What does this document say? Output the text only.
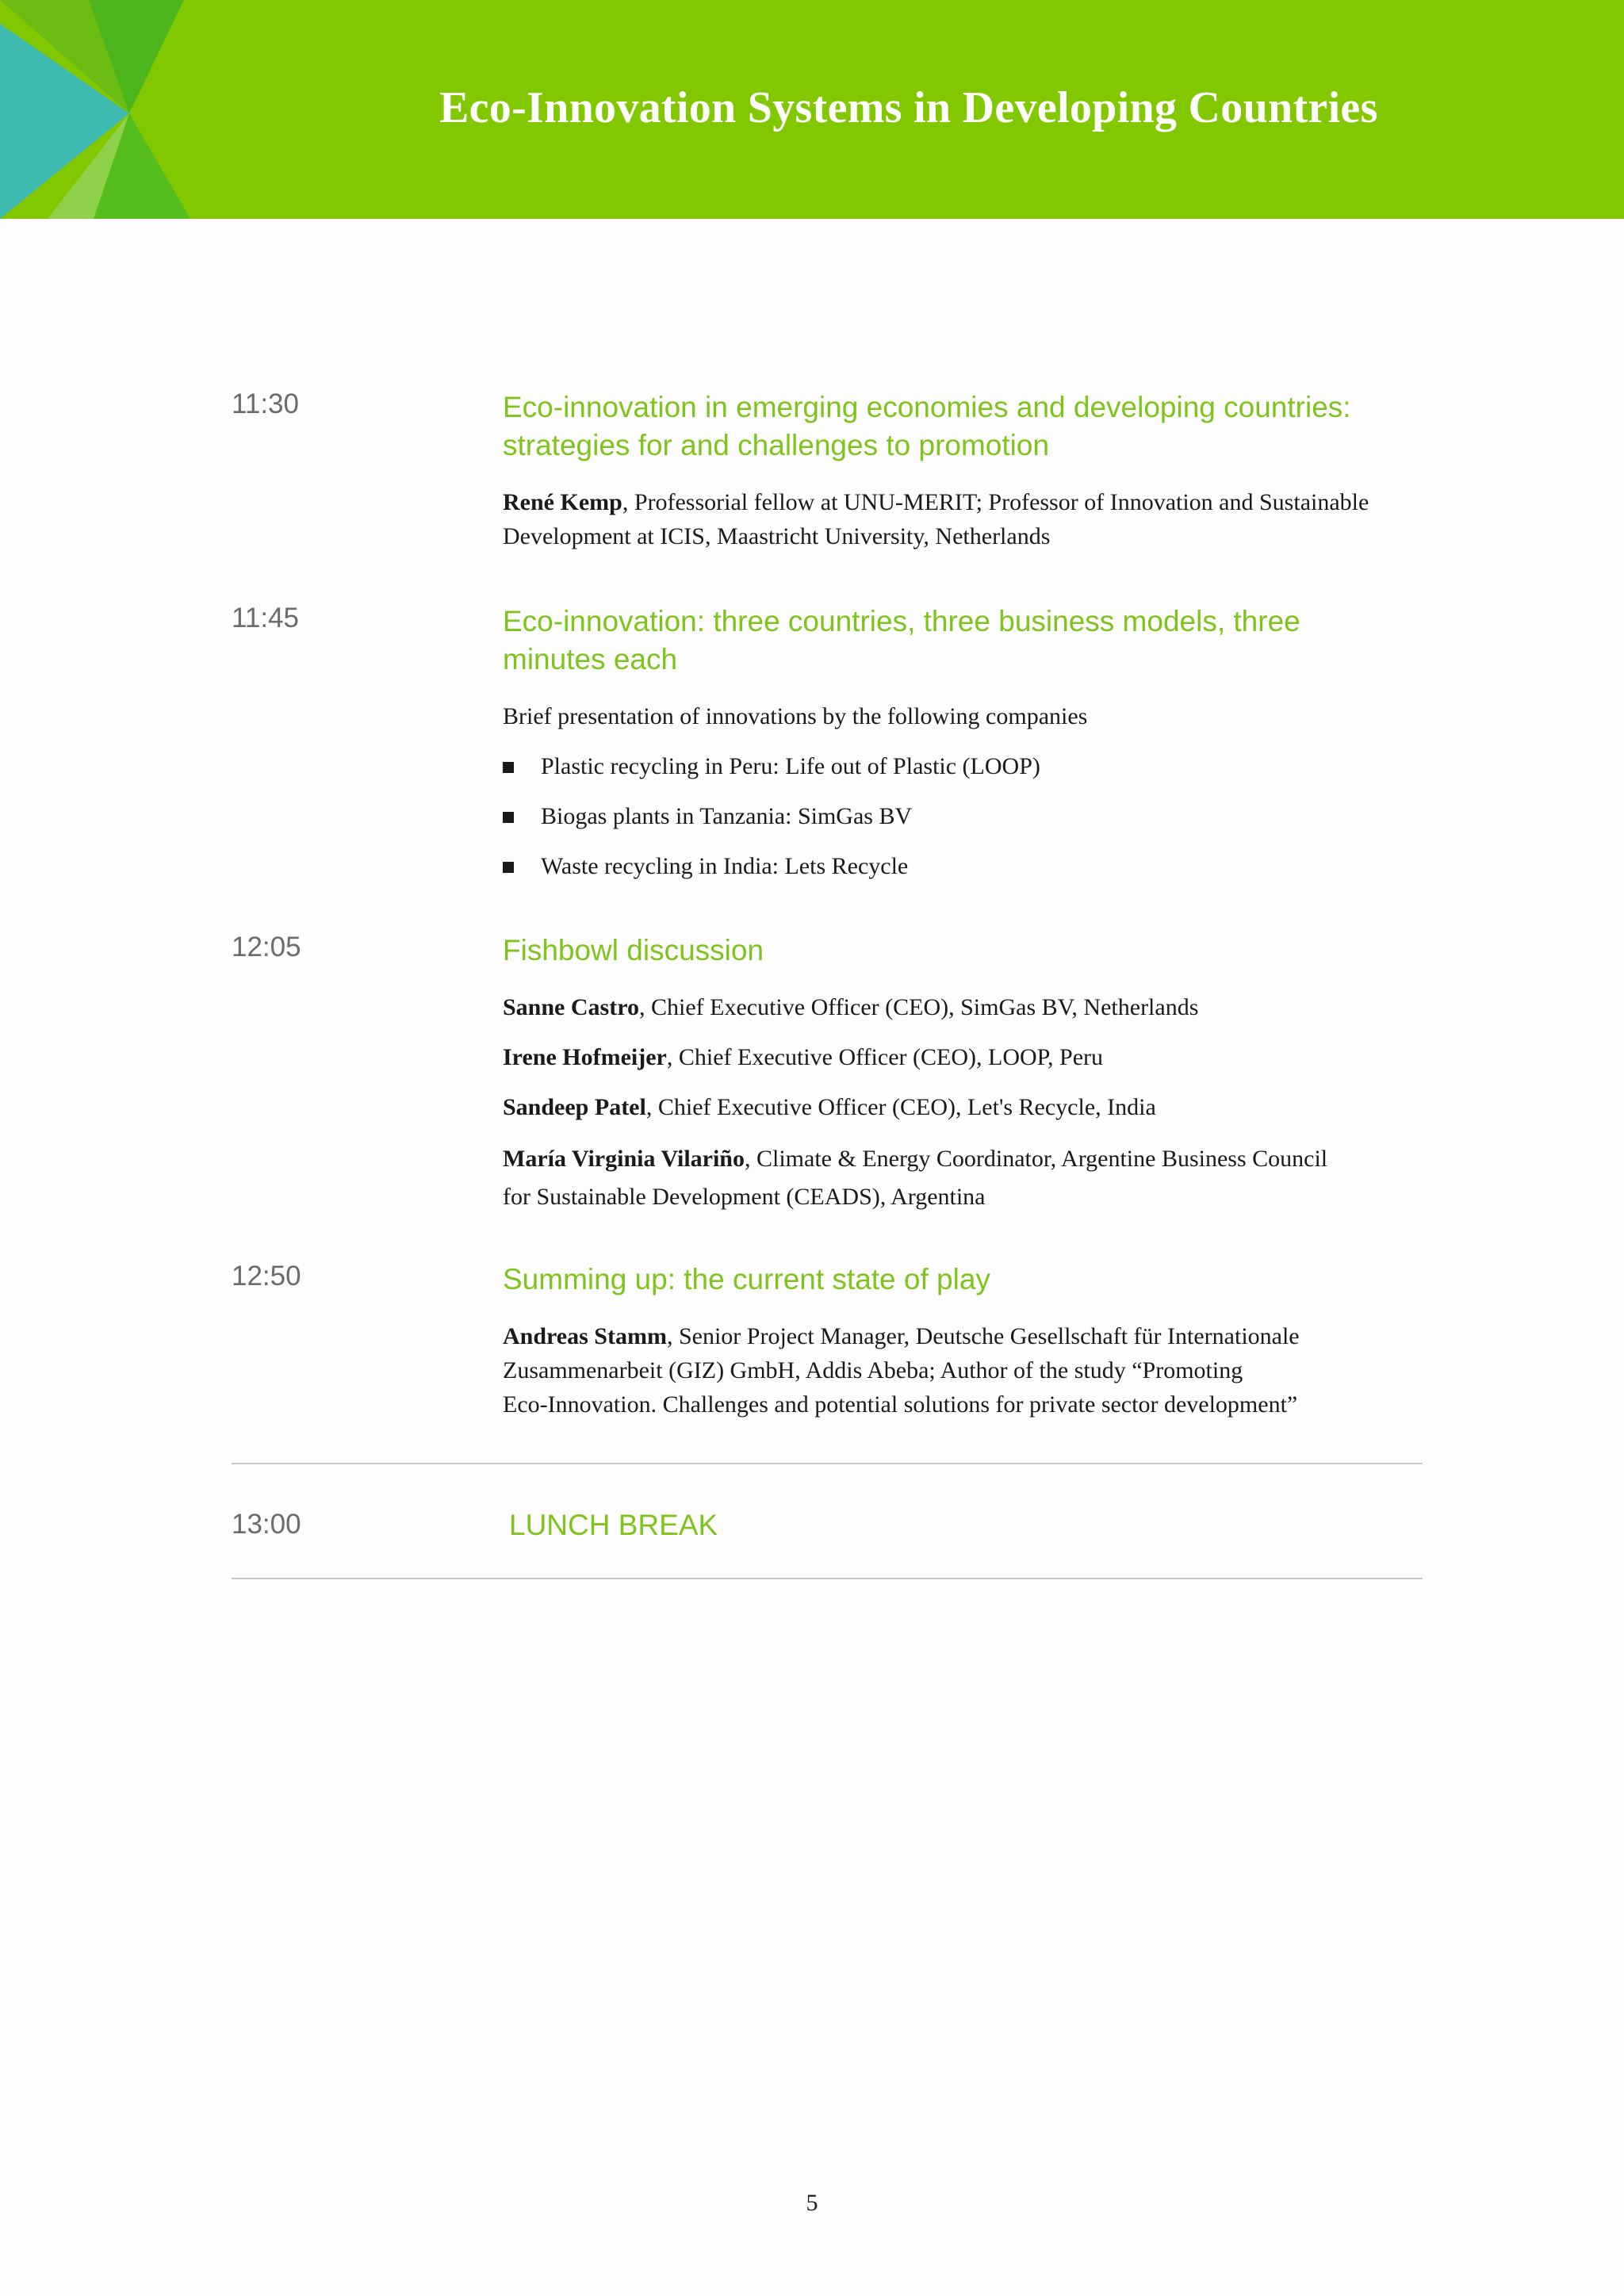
Eco-Innovation Systems in Developing Countries
11:30	Eco-innovation in emerging economies and developing countries:
strategies for and challenges to promotion
René Kemp, Professorial fellow at UNU-MERIT; Professor of Innovation and Sustainable
Development at ICIS, Maastricht University, Netherlands
11:45	Eco-innovation: three countries, three business models, three
minutes each
Brief presentation of innovations by the following companies
Plastic recycling in Peru: Life out of Plastic (LOOP)
Biogas plants in Tanzania: SimGas BV
Waste recycling in India: Lets Recycle
12:05	Fishbowl discussion
Sanne Castro, Chief Executive Officer (CEO), SimGas BV, Netherlands
Irene Hofmeijer, Chief Executive Officer (CEO), LOOP, Peru
Sandeep Patel, Chief Executive Officer (CEO), Let's Recycle, India
María Virginia Vilariño, Climate & Energy Coordinator, Argentine Business Council
for Sustainable Development (CEADS), Argentina
12:50	Summing up: the current state of play
Andreas Stamm, Senior Project Manager, Deutsche Gesellschaft für Internationale
Zusammenarbeit (GIZ) GmbH, Addis Abeba; Author of the study “Promoting
Eco-Innovation. Challenges and potential solutions for private sector development”
13:00	LUNCH BREAK
5
